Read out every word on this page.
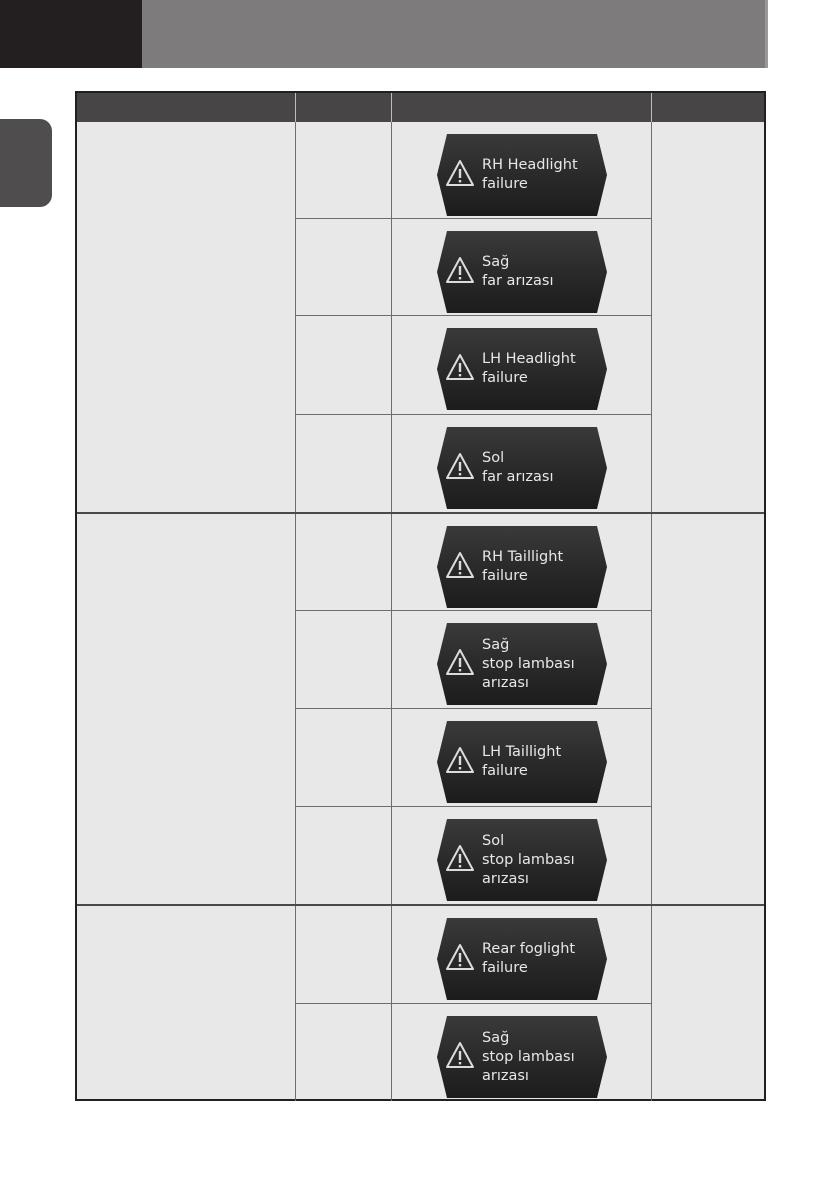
RH Headlight
failure
Sağ
far arızası
LH Headlight
failure
Sol
far arızası
RH Taillight
failure
Sağ
stop lambası
arızası
LH Taillight
failure
Sol
stop lambası
arızası
Rear foglight
failure
Sağ
stop lambası
arızası
